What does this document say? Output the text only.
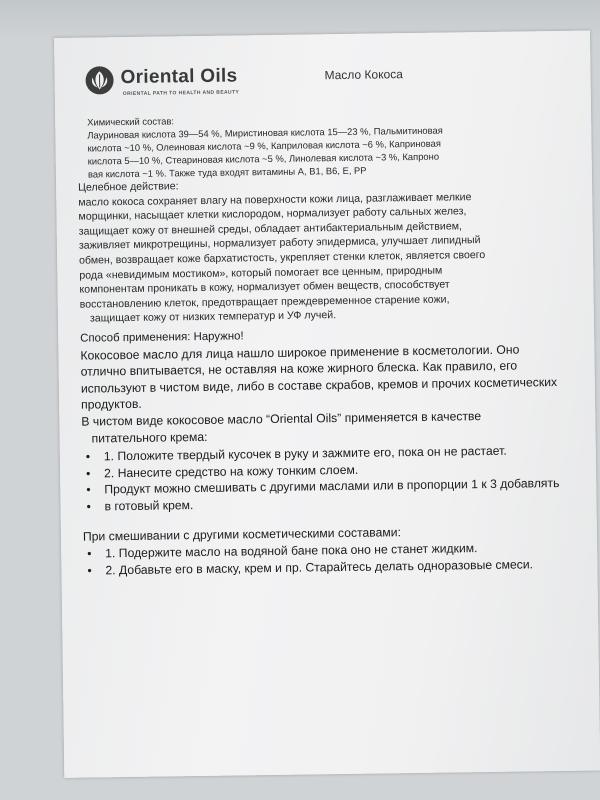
Oriental Oils
ORIENTAL PATH TO HEALTH AND BEAUTY
Масло Кокоса

Химический состав:

Лауриновая кислота 39—54 %, Миристиновая кислота 15—23 %, Пальмитиновая

кислота ~10 %, Олеиновая кислота ~9 %, Каприловая кислота ~6 %, Каприновая

кислота 5—10 %, Стеариновая кислота ~5 %, Линолевая кислота ~3 %, Капроно

вая кислота ~1 %. Также туда входят витамины А, В1, В6, Е, РР

Целебное действие:

масло кокоса сохраняет влагу на поверхности кожи лица, разглаживает мелкие

морщинки, насыщает клетки кислородом, нормализует работу сальных желез,

защищает кожу от внешней среды, обладает антибактериальным действием,

заживляет микротрещины, нормализует работу эпидермиса, улучшает липидный

обмен, возвращает коже бархатистость, укрепляет стенки клеток, является своего

рода «невидимым мостиком», который помогает все ценным, природным

компонентам проникать в кожу, нормализует обмен веществ, способствует

восстановлению клеток, предотвращает преждевременное старение кожи,

защищает кожу от низких температур и УФ лучей.

Способ применения: Наружно!

Кокосовое масло для лица нашло широкое применение в косметологии. Оно

отлично впитывается, не оставляя на коже жирного блеска. Как правило, его

используют в чистом виде, либо в составе скрабов, кремов и прочих косметических

продуктов.

В чистом виде кокосовое масло “Oriental Oils” применяется в качестве

питательного крема:

• 1. Положите твердый кусочек в руку и зажмите его, пока он не растает.
• 2. Нанесите средство на кожу тонким слоем.
• Продукт можно смешивать с другими маслами или в пропорции 1 к 3 добавлять
• в готовый крем.

При смешивании с другими косметическими составами:

• 1. Подержите масло на водяной бане пока оно не станет жидким.
• 2. Добавьте его в маску, крем и пр. Старайтесь делать одноразовые смеси.
